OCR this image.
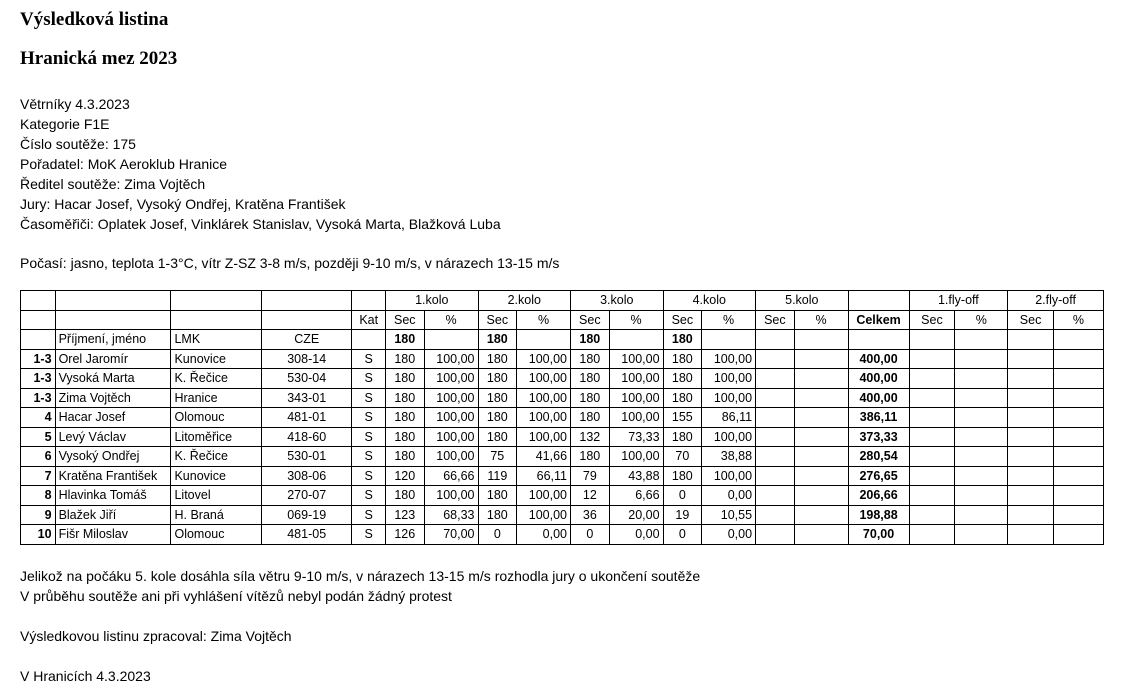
Výsledková listina
Hranická mez 2023
Větrníky 4.3.2023
Kategorie F1E
Číslo soutěže: 175
Pořadatel: MoK Aeroklub Hranice
Ředitel soutěže: Zima Vojtěch
Jury: Hacar Josef, Vysoký Ondřej, Kratěna František
Časoměřiči: Oplatek Josef, Vinklárek Stanislav, Vysoká Marta, Blažková Luba
Počasí: jasno, teplota 1-3°C, vítr Z-SZ 3-8 m/s, později 9-10 m/s, v nárazech 13-15 m/s
					1.kolo		2.kolo		3.kolo		4.kolo		5.kolo			1.fly-off		2.fly-off	
				Kat	Sec	%	Sec	%	Sec	%	Sec	%	Sec	%	Celkem	Sec	%	Sec	%
	Příjmení, jméno	LMK	CZE		180		180		180		180								
1-3	Orel Jaromír	Kunovice	308-14	S	180	100,00	180	100,00	180	100,00	180	100,00			400,00				
1-3	Vysoká Marta	K. Řečice	530-04	S	180	100,00	180	100,00	180	100,00	180	100,00			400,00				
1-3	Zima Vojtěch	Hranice	343-01	S	180	100,00	180	100,00	180	100,00	180	100,00			400,00				
4	Hacar Josef	Olomouc	481-01	S	180	100,00	180	100,00	180	100,00	155	86,11			386,11				
5	Levý Václav	Litoměřice	418-60	S	180	100,00	180	100,00	132	73,33	180	100,00			373,33				
6	Vysoký Ondřej	K. Řečice	530-01	S	180	100,00	75	41,66	180	100,00	70	38,88			280,54				
7	Kratěna František	Kunovice	308-06	S	120	66,66	119	66,11	79	43,88	180	100,00			276,65				
8	Hlavinka Tomáš	Litovel	270-07	S	180	100,00	180	100,00	12	6,66	0	0,00			206,66				
9	Blažek Jiří	H. Braná	069-19	S	123	68,33	180	100,00	36	20,00	19	10,55			198,88				
10	Fišr Miloslav	Olomouc	481-05	S	126	70,00	0	0,00	0	0,00	0	0,00			70,00				
Jelikož na počáku 5. kole dosáhla síla větru 9-10 m/s, v nárazech 13-15 m/s rozhodla jury o ukončení soutěže
V průběhu soutěže ani při vyhlášení vítězů nebyl podán žádný protest
Výsledkovou listinu zpracoval: Zima Vojtěch
V Hranicích 4.3.2023
